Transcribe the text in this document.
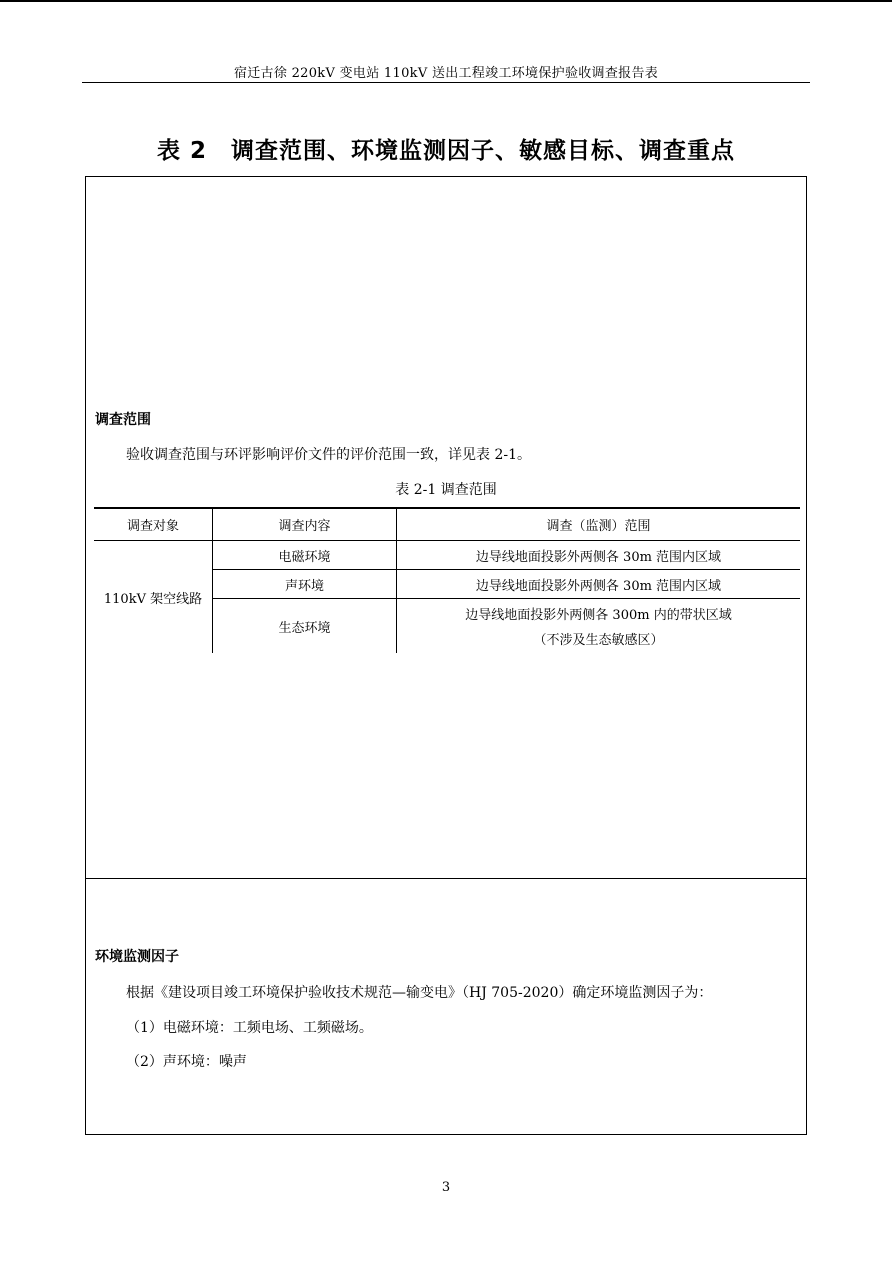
宿迁古徐 220kV 变电站 110kV 送出工程竣工环境保护验收调查报告表
表 2　调查范围、环境监测因子、敏感目标、调查重点
调查范围
验收调查范围与环评影响评价文件的评价范围一致，详见表 2-1。
表 2-1 调查范围
调查对象	调查内容	调查（监测）范围
110kV 架空线路	电磁环境	边导线地面投影外两侧各 30m 范围内区域
	声环境	边导线地面投影外两侧各 30m 范围内区域
	生态环境	边导线地面投影外两侧各 300m 内的带状区域
（不涉及生态敏感区）
环境监测因子
根据《建设项目竣工环境保护验收技术规范—输变电》（HJ 705-2020）确定环境监测因子为：
（1）电磁环境：工频电场、工频磁场。
（2）声环境：噪声
3
